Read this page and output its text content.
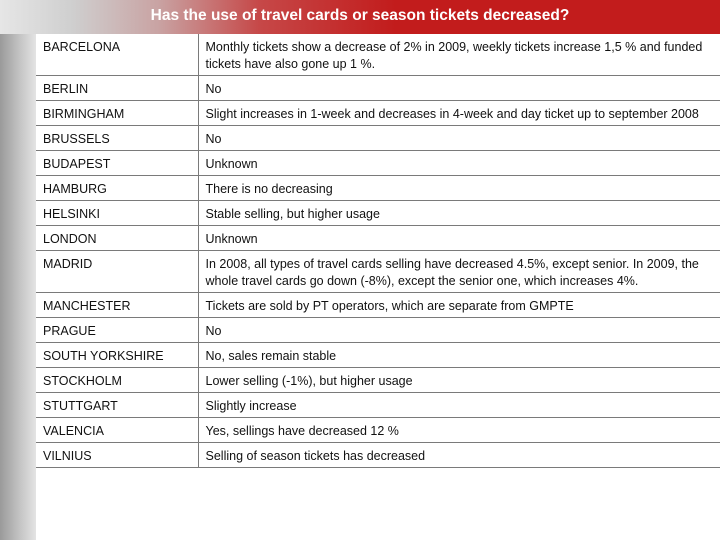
Has the use of travel cards or season tickets decreased?
BARCELONA	Monthly tickets show a decrease of 2% in 2009, weekly tickets increase 1,5 % and funded tickets have also gone up 1 %.
BERLIN	No
BIRMINGHAM	Slight increases in 1-week and decreases in 4-week and day ticket up to september 2008
BRUSSELS	No
BUDAPEST	Unknown
HAMBURG	There is no decreasing
HELSINKI	Stable selling, but higher usage
LONDON	Unknown
MADRID	In 2008, all types of travel cards selling have decreased 4.5%, except senior. In 2009, the whole travel cards go down (-8%), except the senior one, which increases 4%.
MANCHESTER	Tickets are sold by PT operators, which are separate from GMPTE
PRAGUE	No
SOUTH YORKSHIRE	No, sales remain stable
STOCKHOLM	Lower selling (-1%), but higher usage
STUTTGART	Slightly increase
VALENCIA	Yes, sellings have decreased 12 %
VILNIUS	Selling of season tickets has decreased
